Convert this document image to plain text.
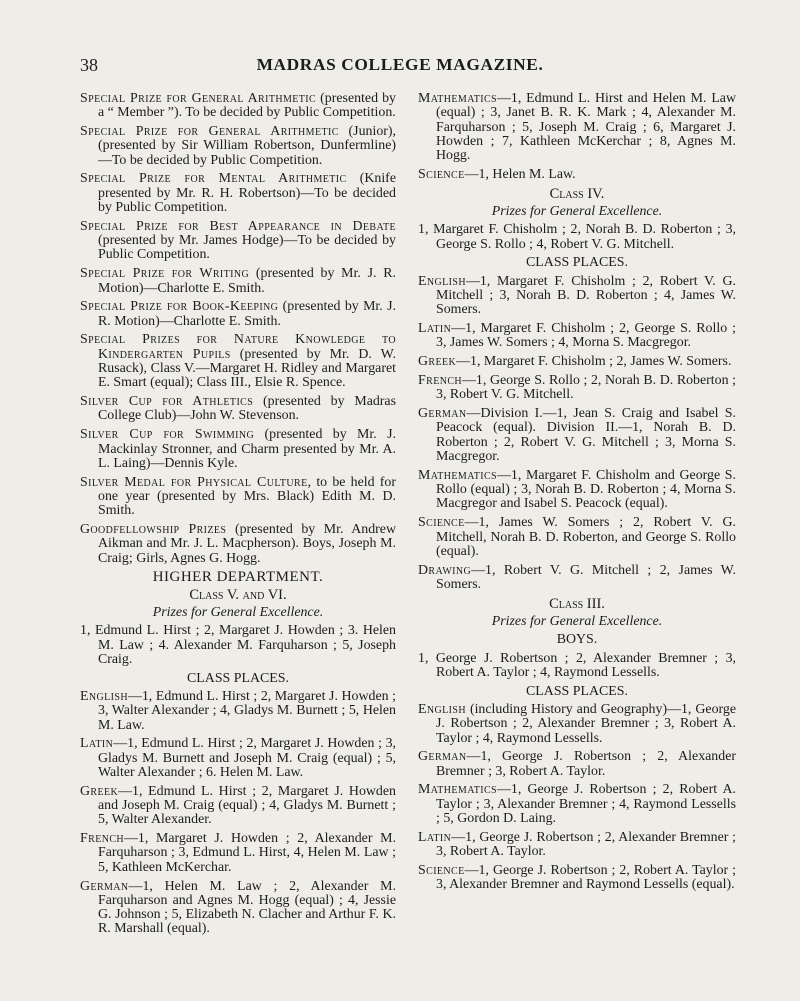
38	MADRAS COLLEGE MAGAZINE.

Special Prize for General Arithmetic (presented by a “ Member ”). To be decided by Public Competition.

Special Prize for General Arithmetic (Junior), (presented by Sir William Robertson, Dunfermline)—To be decided by Public Competition.

Special Prize for Mental Arithmetic (Knife presented by Mr. R. H. Robertson)—To be decided by Public Competition.

Special Prize for Best Appearance in Debate (presented by Mr. James Hodge)—To be decided by Public Competition.

Special Prize for Writing (presented by Mr. J. R. Motion)—Charlotte E. Smith.

Special Prize for Book-Keeping (presented by Mr. J. R. Motion)—Charlotte E. Smith.

Special Prizes for Nature Knowledge to Kindergarten Pupils (presented by Mr. D. W. Rusack), Class V.—Margaret H. Ridley and Margaret E. Smart (equal); Class III., Elsie R. Spence.

Silver Cup for Athletics (presented by Madras College Club)—John W. Stevenson.

Silver Cup for Swimming (presented by Mr. J. Mackinlay Stronner, and Charm presented by Mr. A. L. Laing)—Dennis Kyle.

Silver Medal for Physical Culture, to be held for one year (presented by Mrs. Black) Edith M. D. Smith.

Goodfellowship Prizes (presented by Mr. Andrew Aikman and Mr. J. L. Macpherson). Boys, Joseph M. Craig; Girls, Agnes G. Hogg.

HIGHER DEPARTMENT.

Class V. and VI.

Prizes for General Excellence.

1, Edmund L. Hirst ; 2, Margaret J. Howden ; 3. Helen M. Law ; 4. Alexander M. Farquharson ; 5, Joseph Craig.

CLASS PLACES.

English—1, Edmund L. Hirst ; 2, Margaret J. Howden ; 3, Walter Alexander ; 4, Gladys M. Burnett ; 5, Helen M. Law.

Latin—1, Edmund L. Hirst ; 2, Margaret J. Howden ; 3, Gladys M. Burnett and Joseph M. Craig (equal) ; 5, Walter Alexander ; 6. Helen M. Law.

Greek—1, Edmund L. Hirst ; 2, Margaret J. Howden and Joseph M. Craig (equal) ; 4, Gladys M. Burnett ; 5, Walter Alexander.

French—1, Margaret J. Howden ; 2, Alexander M. Farquharson ; 3, Edmund L. Hirst, 4, Helen M. Law ; 5, Kathleen McKerchar.

German—1, Helen M. Law ; 2, Alexander M. Farquharson and Agnes M. Hogg (equal) ; 4, Jessie G. Johnson ; 5, Elizabeth N. Clacher and Arthur F. K. R. Marshall (equal).

Mathematics—1, Edmund L. Hirst and Helen M. Law (equal) ; 3, Janet B. R. K. Mark ; 4, Alexander M. Farquharson ; 5, Joseph M. Craig ; 6, Margaret J. Howden ; 7, Kathleen McKerchar ; 8, Agnes M. Hogg.

Science—1, Helen M. Law.

Class IV.

Prizes for General Excellence.

1, Margaret F. Chisholm ; 2, Norah B. D. Roberton ; 3, George S. Rollo ; 4, Robert V. G. Mitchell.

CLASS PLACES.

English—1, Margaret F. Chisholm ; 2, Robert V. G. Mitchell ; 3, Norah B. D. Roberton ; 4, James W. Somers.

Latin—1, Margaret F. Chisholm ; 2, George S. Rollo ; 3, James W. Somers ; 4, Morna S. Macgregor.

Greek—1, Margaret F. Chisholm ; 2, James W. Somers.

French—1, George S. Rollo ; 2, Norah B. D. Roberton ; 3, Robert V. G. Mitchell.

German—Division I.—1, Jean S. Craig and Isabel S. Peacock (equal). Division II.—1, Norah B. D. Roberton ; 2, Robert V. G. Mitchell ; 3, Morna S. Macgregor.

Mathematics—1, Margaret F. Chisholm and George S. Rollo (equal) ; 3, Norah B. D. Roberton ; 4, Morna S. Macgregor and Isabel S. Peacock (equal).

Science—1, James W. Somers ; 2, Robert V. G. Mitchell, Norah B. D. Roberton, and George S. Rollo (equal).

Drawing—1, Robert V. G. Mitchell ; 2, James W. Somers.

Class III.

Prizes for General Excellence.

BOYS.

1, George J. Robertson ; 2, Alexander Bremner ; 3, Robert A. Taylor ; 4, Raymond Lessells.

CLASS PLACES.

English (including History and Geography)—1, George J. Robertson ; 2, Alexander Bremner ; 3, Robert A. Taylor ; 4, Raymond Lessells.

German—1, George J. Robertson ; 2, Alexander Bremner ; 3, Robert A. Taylor.

Mathematics—1, George J. Robertson ; 2, Robert A. Taylor ; 3, Alexander Bremner ; 4, Raymond Lessells ; 5, Gordon D. Laing.

Latin—1, George J. Robertson ; 2, Alexander Bremner ; 3, Robert A. Taylor.

Science—1, George J. Robertson ; 2, Robert A. Taylor ; 3, Alexander Bremner and Raymond Lessells (equal).
